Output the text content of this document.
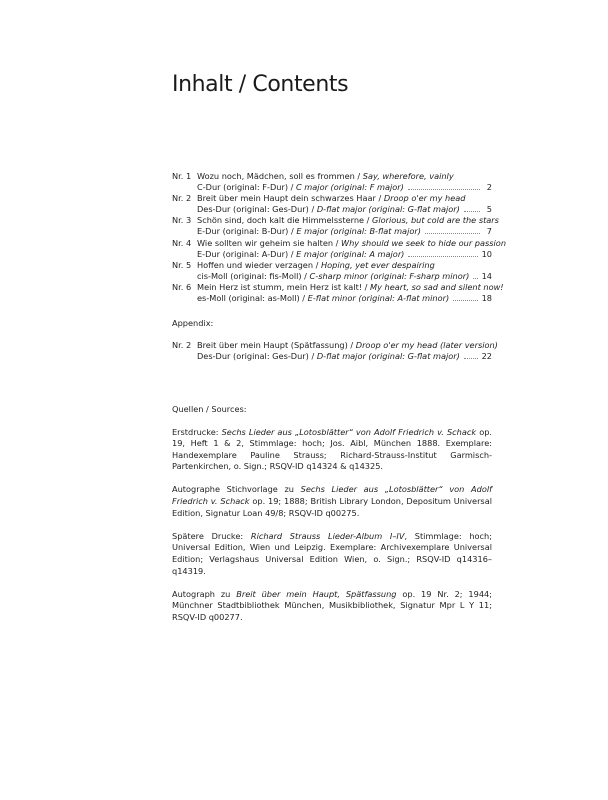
Inhalt / Contents
Nr. 1 Wozu noch, Mädchen, soll es frommen / Say, wherefore, vainly
C-Dur (original: F-Dur) / C major (original: F major)	2
Nr. 2 Breit über mein Haupt dein schwarzes Haar / Droop o'er my head
Des-Dur (original: Ges-Dur) / D-flat major (original: G-flat major)	5
Nr. 3 Schön sind, doch kalt die Himmelssterne / Glorious, but cold are the stars
E-Dur (original: B-Dur) / E major (original: B-flat major)	7
Nr. 4 Wie sollten wir geheim sie halten / Why should we seek to hide our passion
E-Dur (original: A-Dur) / E major (original: A major)	10
Nr. 5 Hoffen und wieder verzagen / Hoping, yet ever despairing
cis-Moll (original: fis-Moll) / C-sharp minor (original: F-sharp minor) 14
Nr. 6 Mein Herz ist stumm, mein Herz ist kalt! / My heart, so sad and silent now!
es-Moll (original: as-Moll) / E-flat minor (original: A-flat minor)	18
Appendix:
Nr. 2 Breit über mein Haupt (Spätfassung) / Droop o'er my head (later version)
Des-Dur (original: Ges-Dur) / D-flat major (original: G-flat major)	22
Quellen / Sources:
Erstdrucke: Sechs Lieder aus „Lotosblätter“ von Adolf Friedrich v. Schack op. 19, Heft 1 & 2, Stimmlage: hoch; Jos. Aibl, München 1888. Exemplare: Handexemplare Pauline Strauss; Richard-Strauss-Institut Garmisch-Partenkirchen, o. Sign.; RSQV-ID q14324 & q14325.
Autographe Stichvorlage zu Sechs Lieder aus „Lotosblätter“ von Adolf Friedrich v. Schack op. 19; 1888; British Library London, Depositum Universal Edition, Signatur Loan 49/8; RSQV-ID q00275.
Spätere Drucke: Richard Strauss Lieder-Album I–IV, Stimmlage: hoch; Universal Edition, Wien und Leipzig. Exemplare: Archivexemplare Universal Edition; Verlagshaus Universal Edition Wien, o. Sign.; RSQV-ID q14316–q14319.
Autograph zu Breit über mein Haupt, Spätfassung op. 19 Nr. 2; 1944; Münchner Stadtbibliothek München, Musikbibliothek, Signatur Mpr L Y 11; RSQV-ID q00277.
